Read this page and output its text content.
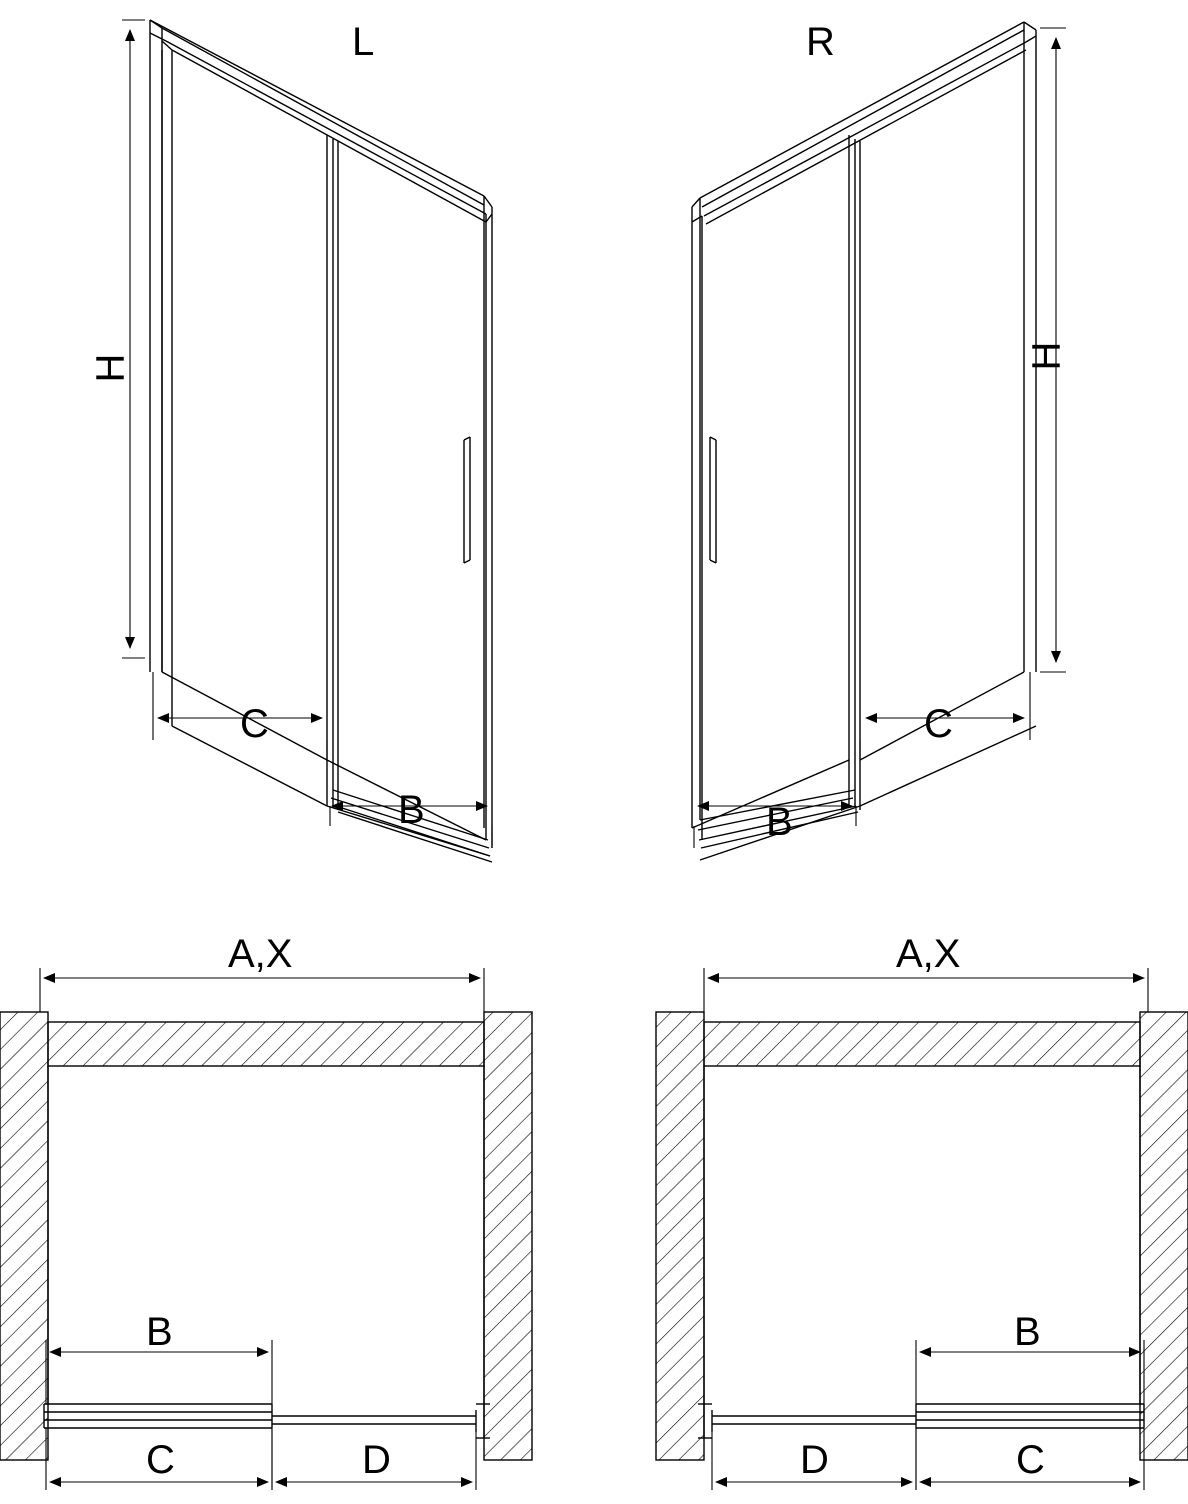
L	R
H	H
C
B
C
B
A,X
B
C	D
A,X
B
D	C
